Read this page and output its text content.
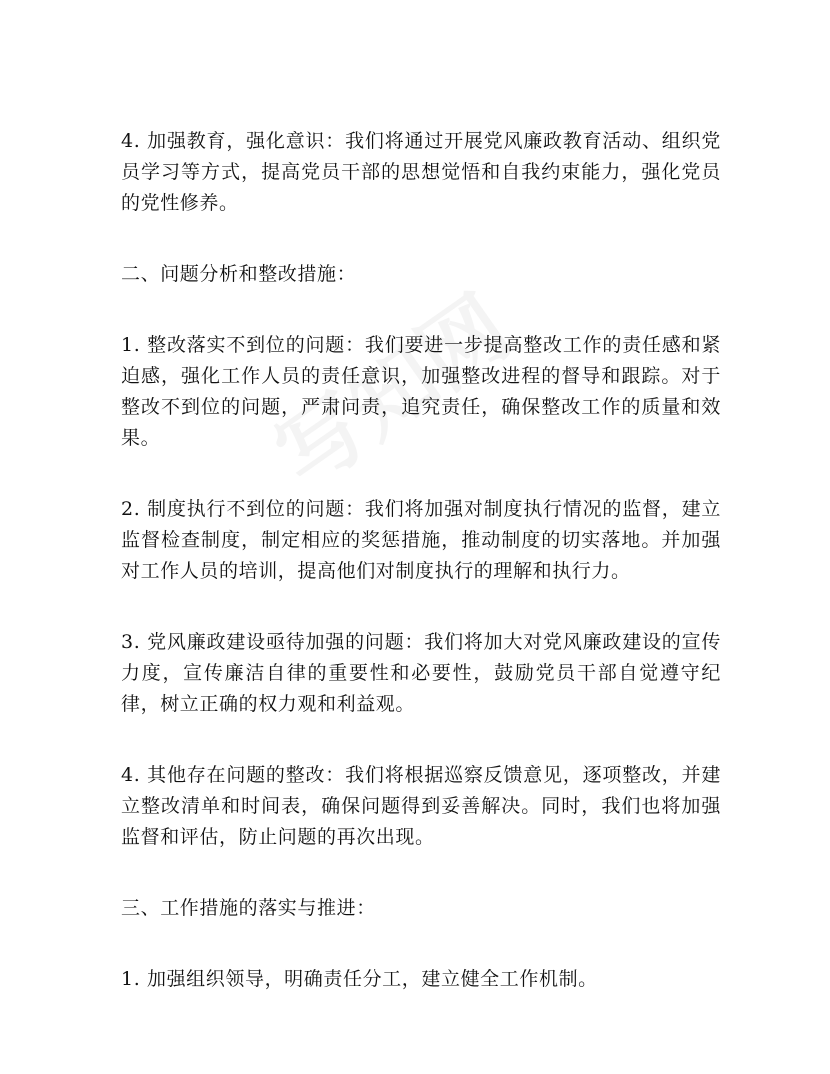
4. 加强教育，强化意识：我们将通过开展党风廉政教育活动、组织党员学习等方式，提高党员干部的思想觉悟和自我约束能力，强化党员的党性修养。

二、问题分析和整改措施：

1. 整改落实不到位的问题：我们要进一步提高整改工作的责任感和紧迫感，强化工作人员的责任意识，加强整改进程的督导和跟踪。对于整改不到位的问题，严肃问责，追究责任，确保整改工作的质量和效果。

2. 制度执行不到位的问题：我们将加强对制度执行情况的监督，建立监督检查制度，制定相应的奖惩措施，推动制度的切实落地。并加强对工作人员的培训，提高他们对制度执行的理解和执行力。

3. 党风廉政建设亟待加强的问题：我们将加大对党风廉政建设的宣传力度，宣传廉洁自律的重要性和必要性，鼓励党员干部自觉遵守纪律，树立正确的权力观和利益观。

4. 其他存在问题的整改：我们将根据巡察反馈意见，逐项整改，并建立整改清单和时间表，确保问题得到妥善解决。同时，我们也将加强监督和评估，防止问题的再次出现。

三、工作措施的落实与推进：

1. 加强组织领导，明确责任分工，建立健全工作机制。
